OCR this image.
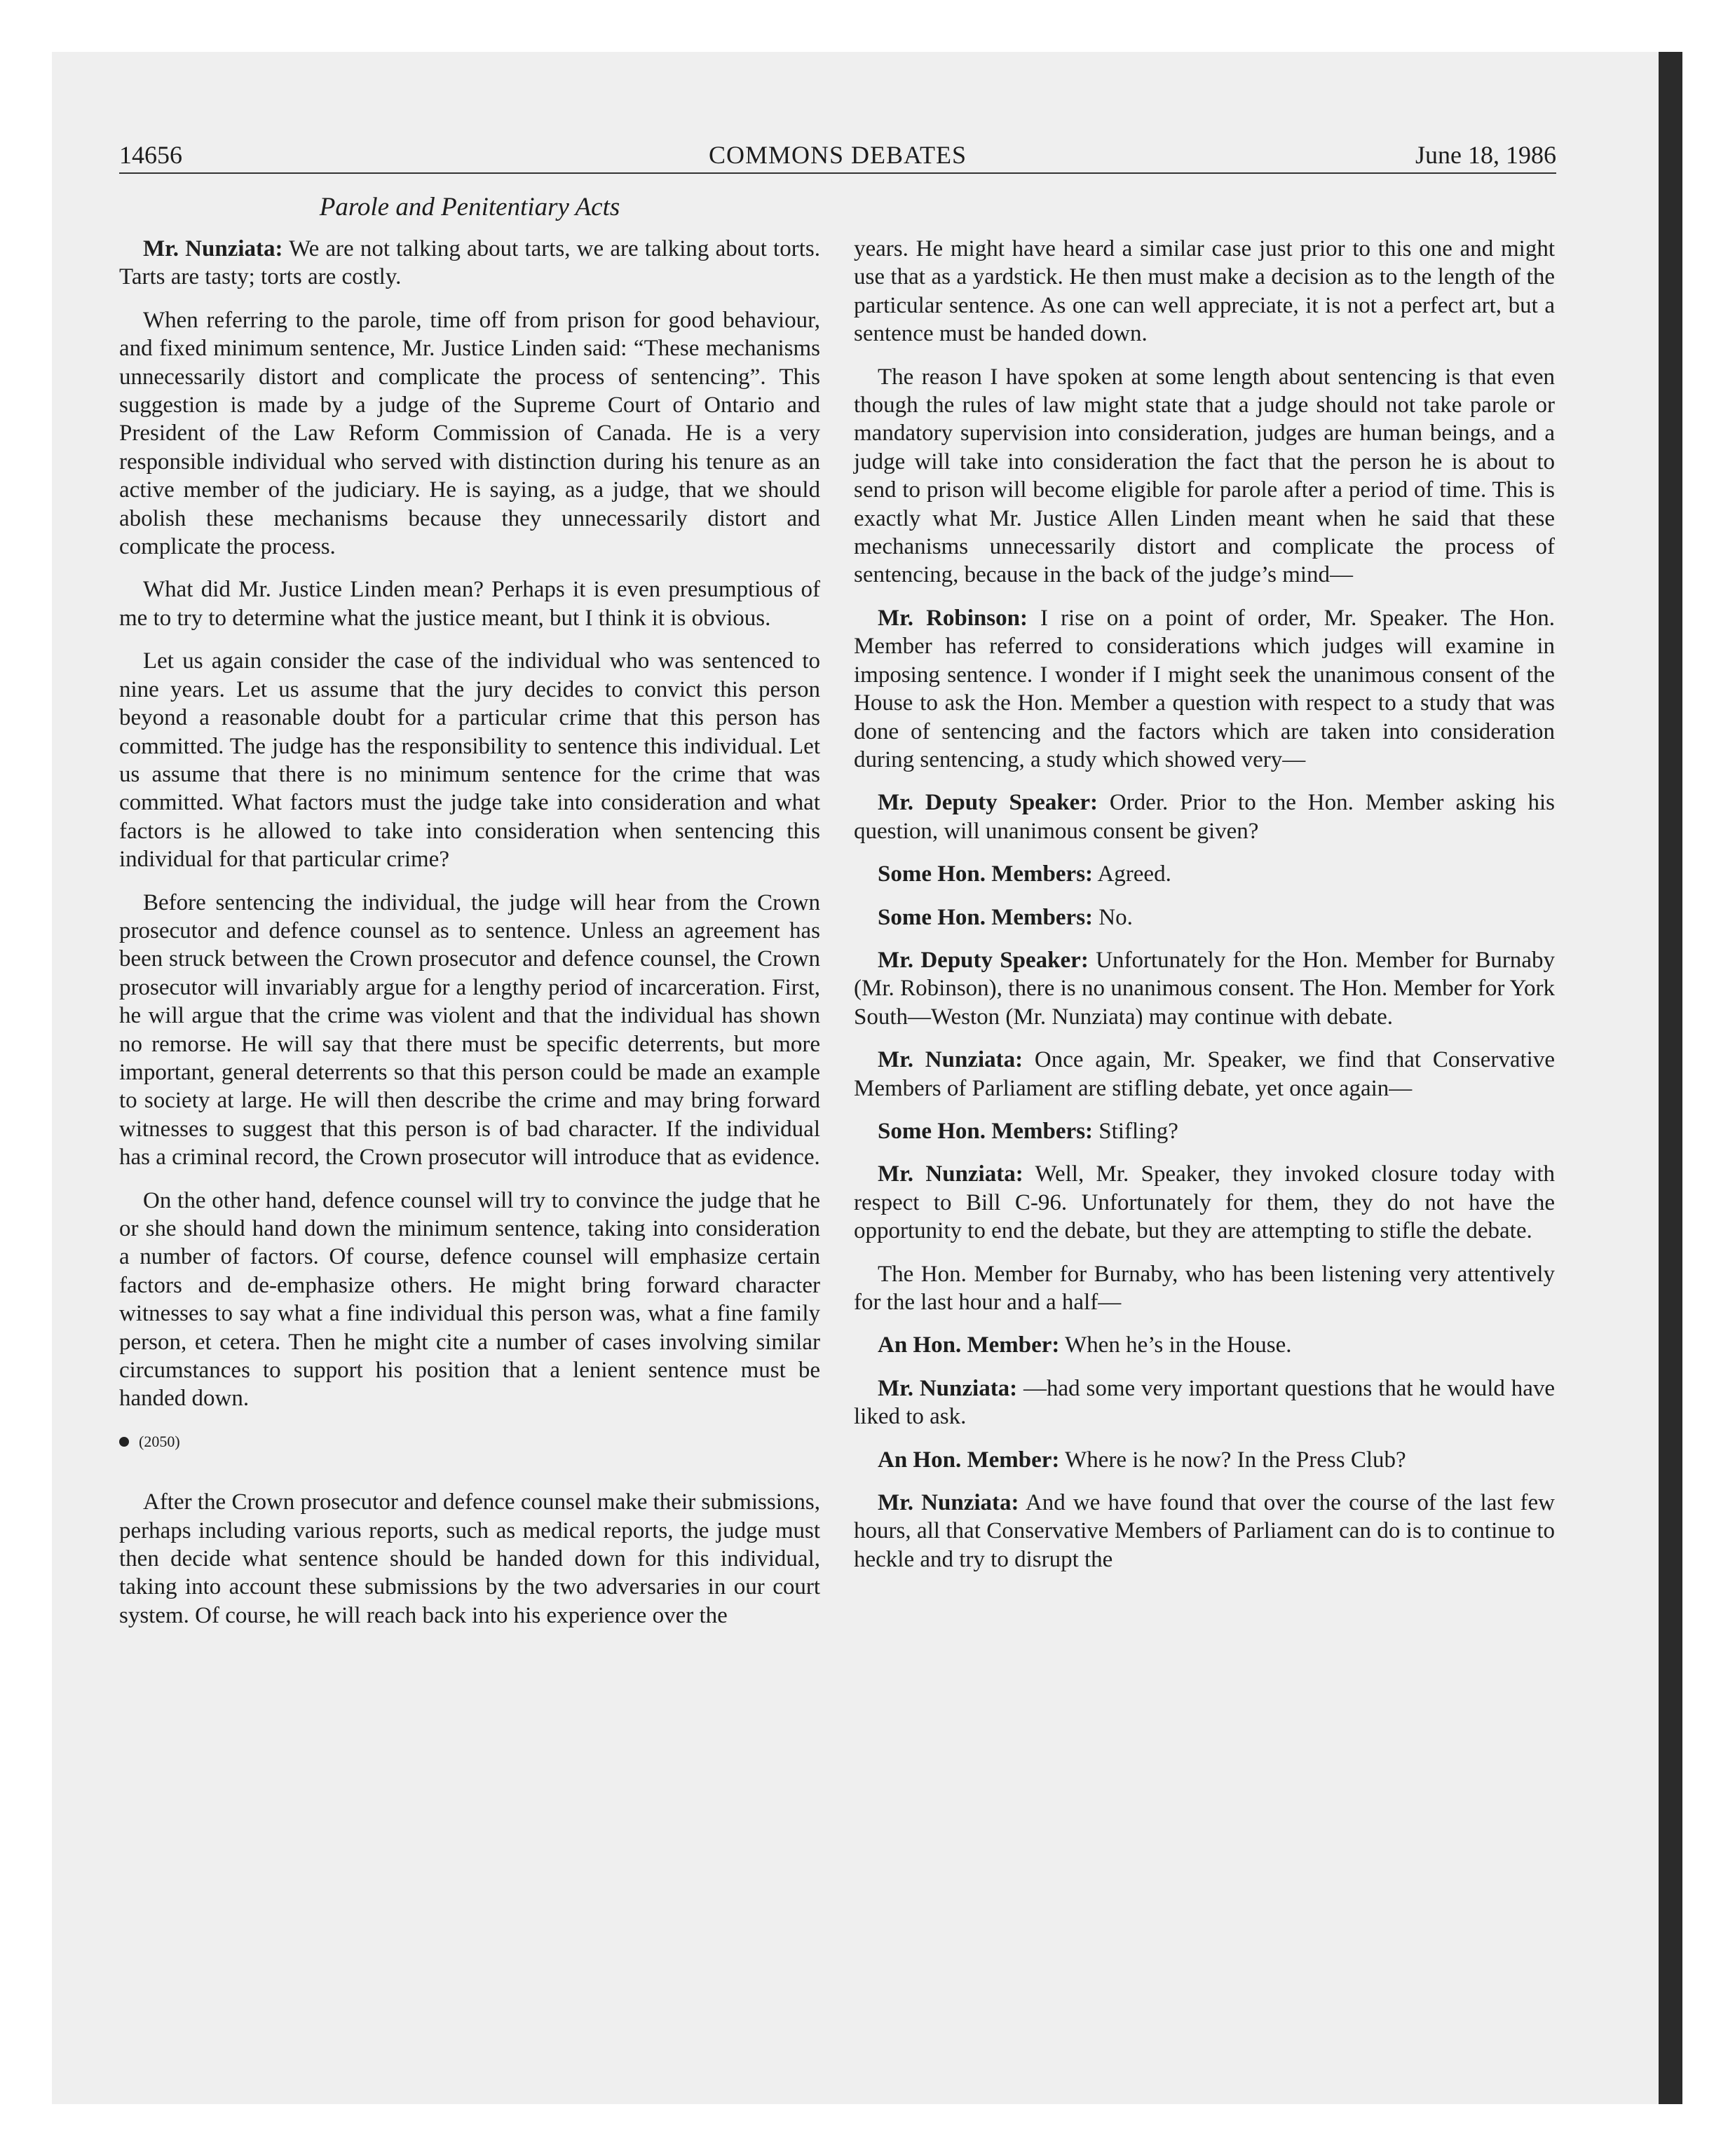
14656	COMMONS DEBATES	June 18, 1986
Parole and Penitentiary Acts

Mr. Nunziata: We are not talking about tarts, we are talking about torts. Tarts are tasty; torts are costly.

When referring to the parole, time off from prison for good behaviour, and fixed minimum sentence, Mr. Justice Linden said: “These mechanisms unnecessarily distort and complicate the process of sentencing”. This suggestion is made by a judge of the Supreme Court of Ontario and President of the Law Reform Commission of Canada. He is a very responsible individual who served with distinction during his tenure as an active member of the judiciary. He is saying, as a judge, that we should abolish these mechanisms because they unnecessarily distort and complicate the process.

What did Mr. Justice Linden mean? Perhaps it is even presumptious of me to try to determine what the justice meant, but I think it is obvious.

Let us again consider the case of the individual who was sentenced to nine years. Let us assume that the jury decides to convict this person beyond a reasonable doubt for a particular crime that this person has committed. The judge has the responsibility to sentence this individual. Let us assume that there is no minimum sentence for the crime that was committed. What factors must the judge take into consideration and what factors is he allowed to take into consideration when sentencing this individual for that particular crime?

Before sentencing the individual, the judge will hear from the Crown prosecutor and defence counsel as to sentence. Unless an agreement has been struck between the Crown prosecutor and defence counsel, the Crown prosecutor will invariably argue for a lengthy period of incarceration. First, he will argue that the crime was violent and that the individual has shown no remorse. He will say that there must be specific deterrents, but more important, general deterrents so that this person could be made an example to society at large. He will then describe the crime and may bring forward witnesses to suggest that this person is of bad character. If the individual has a criminal record, the Crown prosecutor will introduce that as evidence.

On the other hand, defence counsel will try to convince the judge that he or she should hand down the minimum sentence, taking into consideration a number of factors. Of course, defence counsel will emphasize certain factors and de-emphasize others. He might bring forward character witnesses to say what a fine individual this person was, what a fine family person, et cetera. Then he might cite a number of cases involving similar circumstances to support his position that a lenient sentence must be handed down.

(2050)

After the Crown prosecutor and defence counsel make their submissions, perhaps including various reports, such as medical reports, the judge must then decide what sentence should be handed down for this individual, taking into account these submissions by the two adversaries in our court system. Of course, he will reach back into his experience over the

years. He might have heard a similar case just prior to this one and might use that as a yardstick. He then must make a decision as to the length of the particular sentence. As one can well appreciate, it is not a perfect art, but a sentence must be handed down.

The reason I have spoken at some length about sentencing is that even though the rules of law might state that a judge should not take parole or mandatory supervision into consideration, judges are human beings, and a judge will take into consideration the fact that the person he is about to send to prison will become eligible for parole after a period of time. This is exactly what Mr. Justice Allen Linden meant when he said that these mechanisms unnecessarily distort and complicate the process of sentencing, because in the back of the judge’s mind—

Mr. Robinson: I rise on a point of order, Mr. Speaker. The Hon. Member has referred to considerations which judges will examine in imposing sentence. I wonder if I might seek the unanimous consent of the House to ask the Hon. Member a question with respect to a study that was done of sentencing and the factors which are taken into consideration during sentencing, a study which showed very—

Mr. Deputy Speaker: Order. Prior to the Hon. Member asking his question, will unanimous consent be given?

Some Hon. Members: Agreed.

Some Hon. Members: No.

Mr. Deputy Speaker: Unfortunately for the Hon. Member for Burnaby (Mr. Robinson), there is no unanimous consent. The Hon. Member for York South—Weston (Mr. Nunziata) may continue with debate.

Mr. Nunziata: Once again, Mr. Speaker, we find that Conservative Members of Parliament are stifling debate, yet once again—

Some Hon. Members: Stifling?

Mr. Nunziata: Well, Mr. Speaker, they invoked closure today with respect to Bill C-96. Unfortunately for them, they do not have the opportunity to end the debate, but they are attempting to stifle the debate.

The Hon. Member for Burnaby, who has been listening very attentively for the last hour and a half—

An Hon. Member: When he’s in the House.

Mr. Nunziata: —had some very important questions that he would have liked to ask.

An Hon. Member: Where is he now? In the Press Club?

Mr. Nunziata: And we have found that over the course of the last few hours, all that Conservative Members of Parliament can do is to continue to heckle and try to disrupt the
